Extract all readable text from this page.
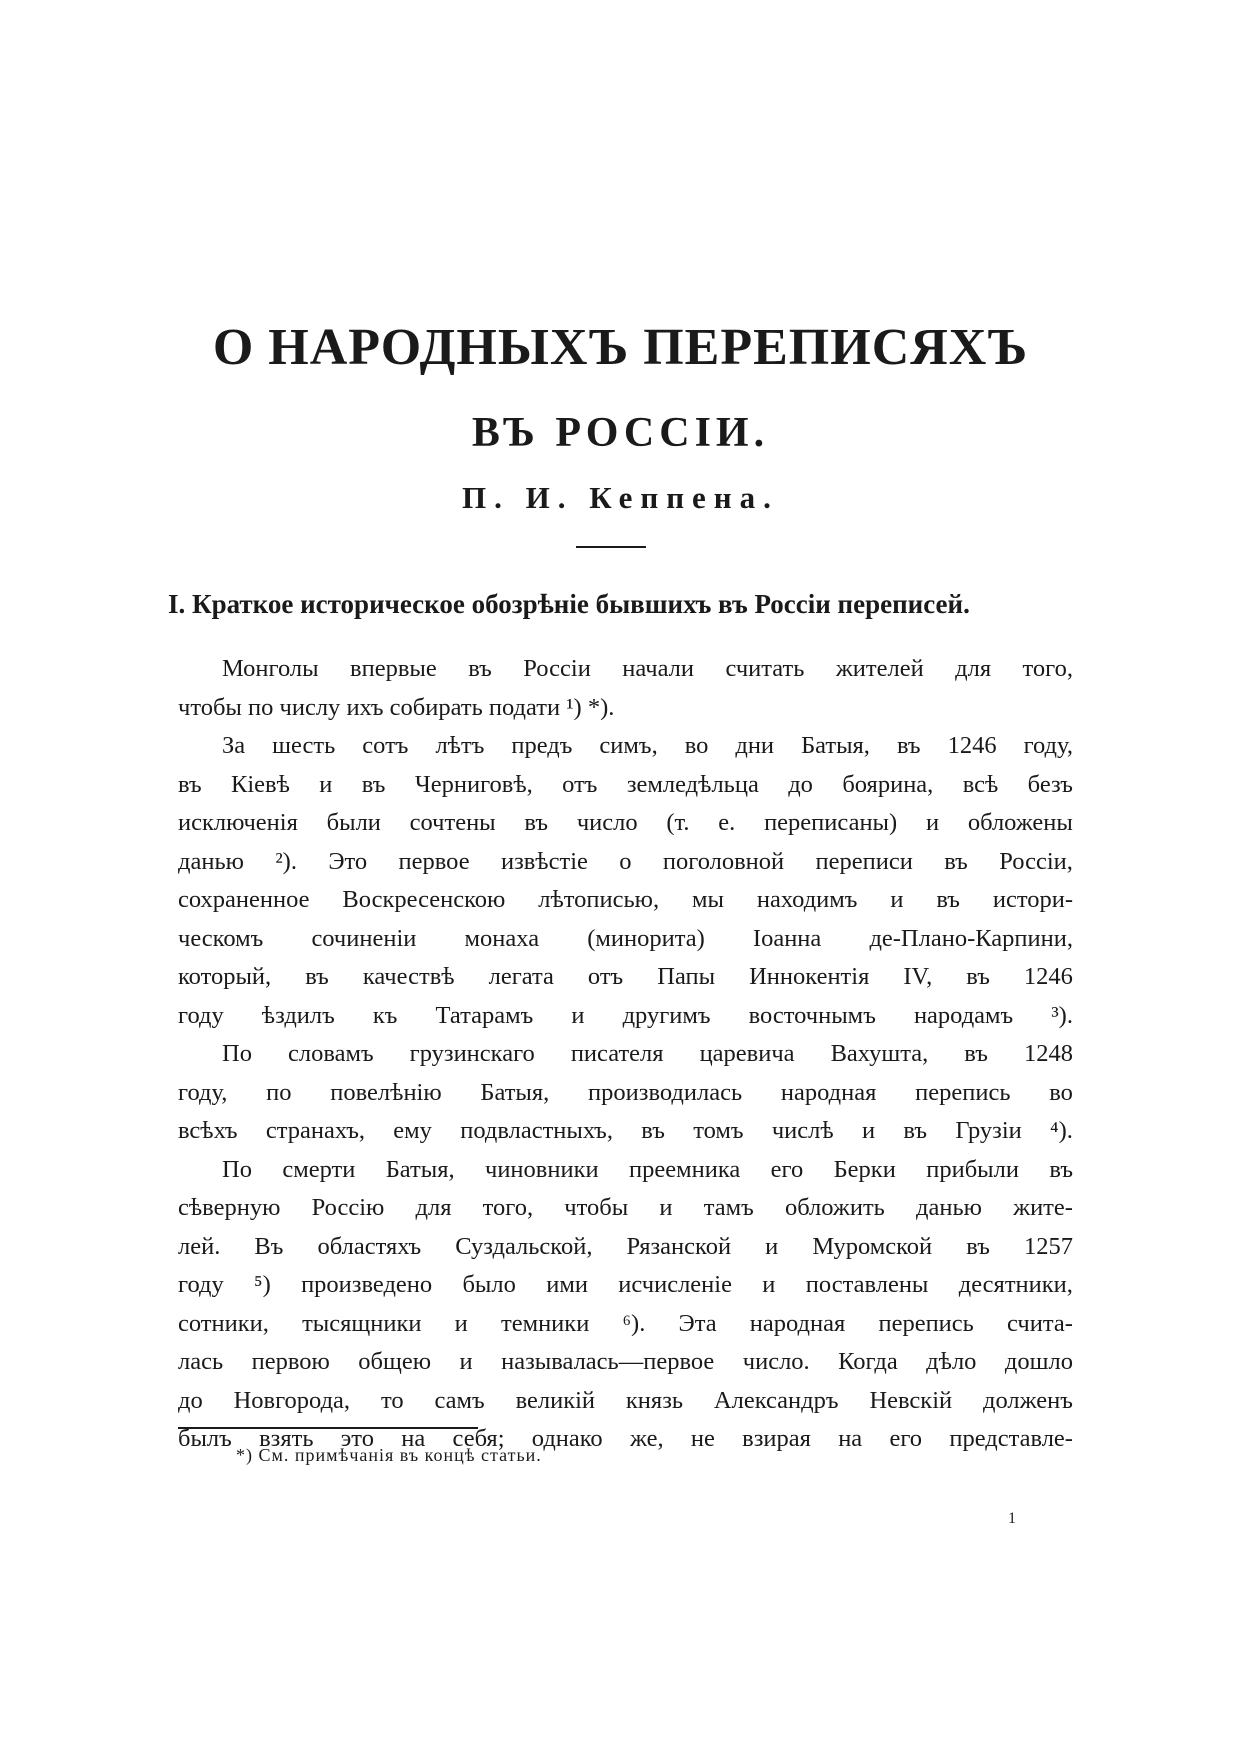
О НАРОДНЫХЪ ПЕРЕПИСЯХЪ
ВЪ РОССІИ.
П. И. Кеппена.
I. Краткое историческое обозрѣніе бывшихъ въ Россіи переписей.
Монголы впервые въ Россіи начали считать жителей для того,
чтобы
по
числу
ихъ
собирать
подати
¹)
*).
За шесть сотъ лѣтъ предъ симъ, во дни Батыя, въ 1246 году,
въ Кіевѣ и въ Черниговѣ, отъ земледѣльца до боярина, всѣ безъ
исключенія были сочтены въ число (т. е. переписаны) и обложены
данью ²). Это первое извѣстіе о поголовной переписи въ Россіи,
сохраненное Воскресенскою лѣтописью, мы находимъ и въ истори-
ческомъ сочиненіи монаха (минорита) Іоанна де-Плано-Карпини,
который, въ качествѣ легата отъ Папы Иннокентія IV, въ 1246
году ѣздилъ къ Татарамъ и другимъ восточнымъ народамъ ³).
По словамъ грузинскаго писателя царевича Вахушта, въ 1248
году, по повелѣнію Батыя, производилась народная перепись во
всѣхъ странахъ, ему подвластныхъ, въ томъ числѣ и въ Грузіи ⁴).
По смерти Батыя, чиновники преемника его Берки прибыли въ
сѣверную Россію для того, чтобы и тамъ обложить данью жите-
лей. Въ областяхъ Суздальской, Рязанской и Муромской въ 1257
году ⁵) произведено было ими исчисленіе и поставлены десятники,
сотники, тысящники и темники ⁶). Эта народная перепись счита-
лась первою общею и называлась—первое число. Когда дѣло дошло
до Новгорода, то самъ великій князь Александръ Невскій долженъ
былъ взять это на себя; однако же, не взирая на его представле-
*) См. примѣчанія въ концѣ статьи.
1
